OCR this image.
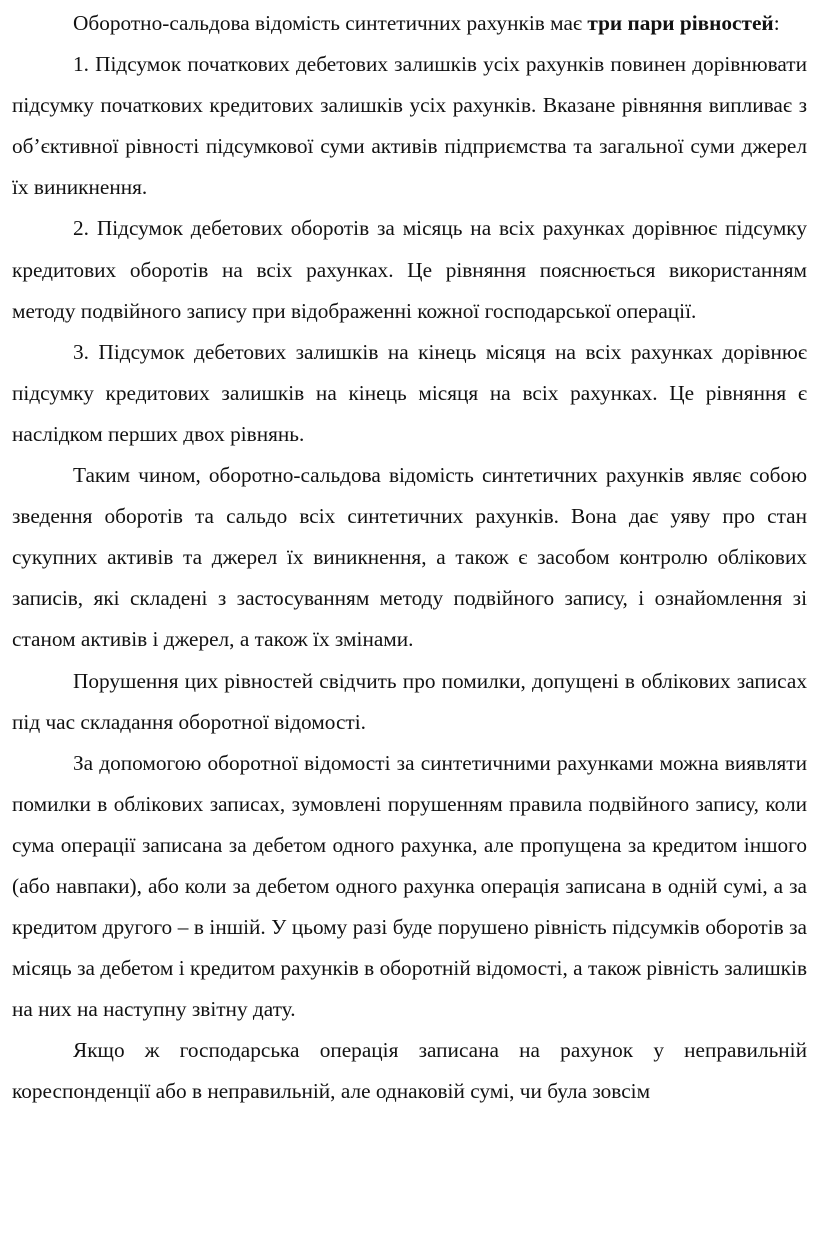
Оборотно-сальдова відомість синтетичних рахунків має три пари рівностей:

1. Підсумок початкових дебетових залишків усіх рахунків повинен дорівнювати підсумку початкових кредитових залишків усіх рахунків. Вказане рівняння випливає з об’єктивної рівності підсумкової суми активів підприємства та загальної суми джерел їх виникнення.

2. Підсумок дебетових оборотів за місяць на всіх рахунках дорівнює підсумку кредитових оборотів на всіх рахунках. Це рівняння пояснюється використанням методу подвійного запису при відображенні кожної господарської операції.

3. Підсумок дебетових залишків на кінець місяця на всіх рахунках дорівнює підсумку кредитових залишків на кінець місяця на всіх рахунках. Це рівняння є наслідком перших двох рівнянь.

Таким чином, оборотно-сальдова відомість синтетичних рахунків являє собою зведення оборотів та сальдо всіх синтетичних рахунків. Вона дає уяву про стан сукупних активів та джерел їх виникнення, а також є засобом контролю облікових записів, які складені з застосуванням методу подвійного запису, і ознайомлення зі станом активів і джерел, а також їх змінами.

Порушення цих рівностей свідчить про помилки, допущені в облікових записах під час складання оборотної відомості.

За допомогою оборотної відомості за синтетичними рахунками можна виявляти помилки в облікових записах, зумовлені порушенням правила подвійного запису, коли сума операції записана за дебетом одного рахунка, але пропущена за кредитом іншого (або навпаки), або коли за дебетом одного рахунка операція записана в одній сумі, а за кредитом другого – в іншій. У цьому разі буде порушено рівність підсумків оборотів за місяць за дебетом і кредитом рахунків в оборотній відомості, а також рівність залишків на них на наступну звітну дату.

Якщо ж господарська операція записана на рахунок у неправильній кореспонденції або в неправильній, але однаковій сумі, чи була зовсім
